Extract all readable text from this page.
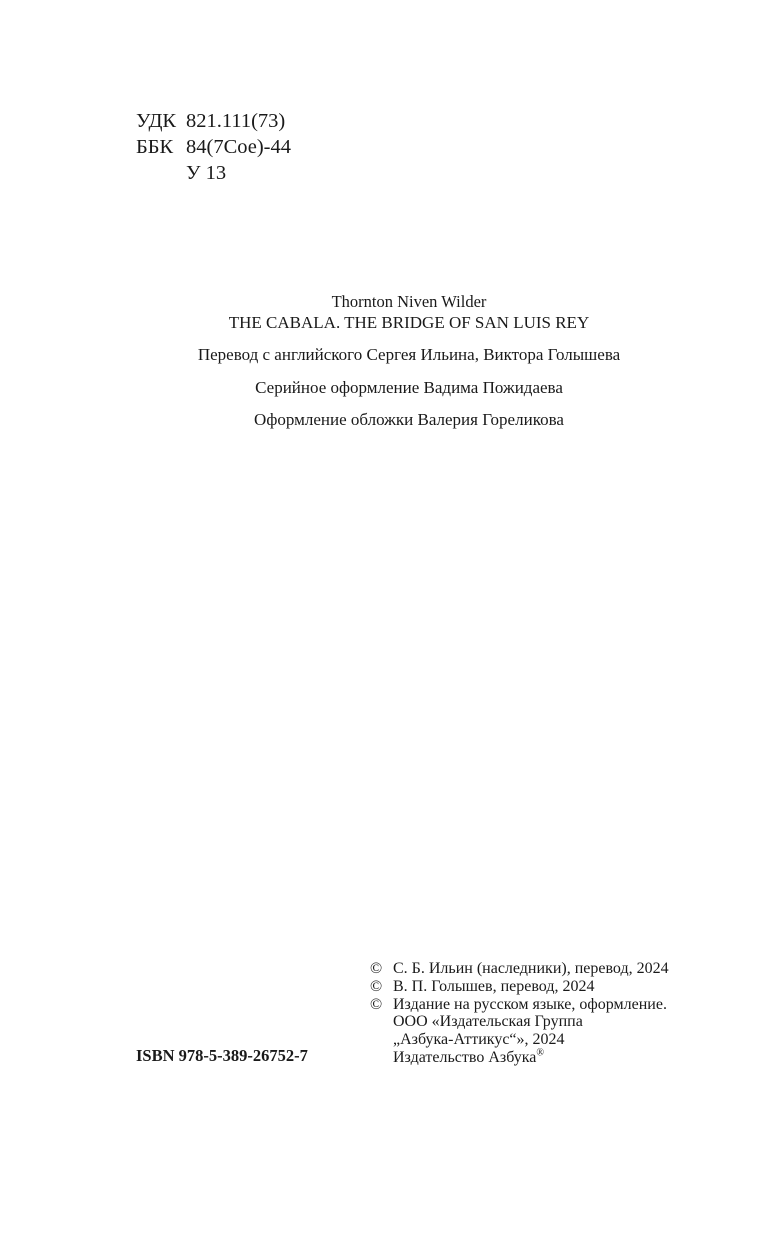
УДК 821.111(73)
ББК 84(7Сое)-44
У 13
Thornton Niven Wilder
THE CABALA. THE BRIDGE OF SAN LUIS REY
Перевод с английского Сергея Ильина, Виктора Голышева
Серийное оформление Вадима Пожидаева
Оформление обложки Валерия Гореликова
© С. Б. Ильин (наследники), перевод, 2024
© В. П. Голышев, перевод, 2024
© Издание на русском языке, оформление.
ООО «Издательская Группа
„Азбука-Аттикус“», 2024
Издательство Азбука®
ISBN 978-5-389-26752-7
